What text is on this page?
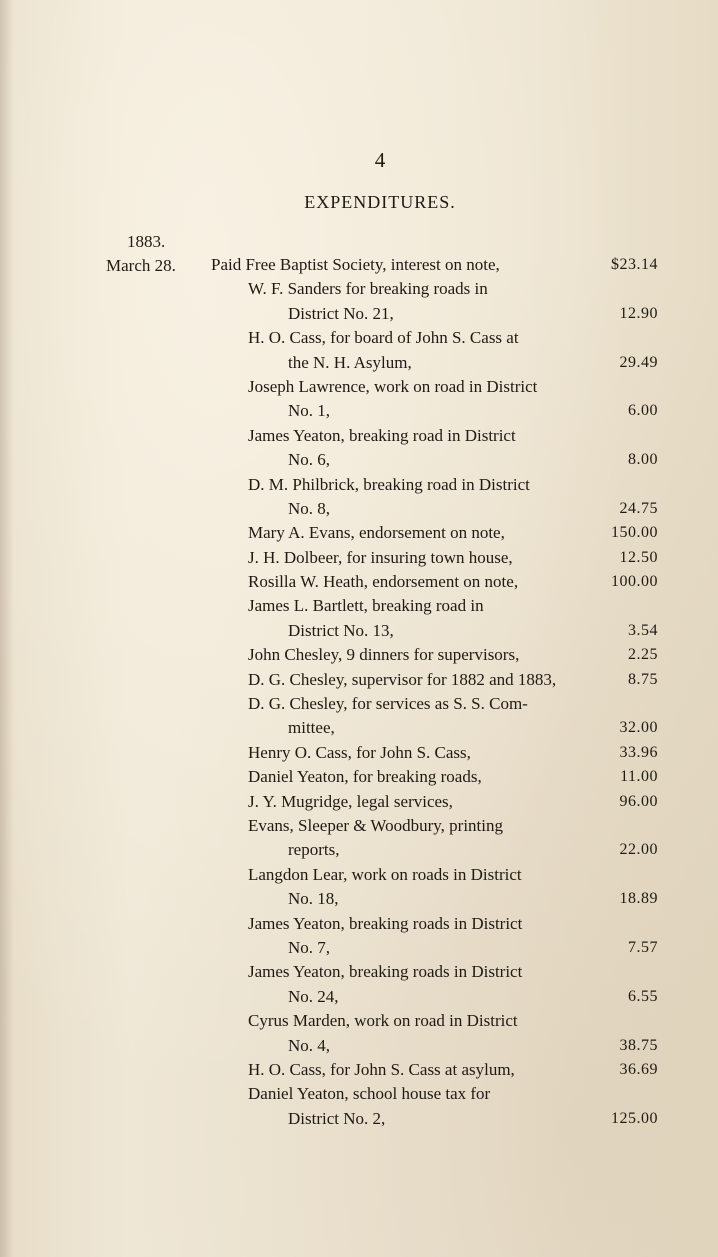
4
EXPENDITURES.
1883.
March 28. Paid Free Baptist Society, interest on note,	$23.14
W. F. Sanders for breaking roads in
District No. 21,	12.90
H. O. Cass, for board of John S. Cass at
the N. H. Asylum,	29.49
Joseph Lawrence, work on road in District
No. 1,	6.00
James Yeaton, breaking road in District
No. 6,	8.00
D. M. Philbrick, breaking road in District
No. 8,	24.75
Mary A. Evans, endorsement on note,	150.00
J. H. Dolbeer, for insuring town house,	12.50
Rosilla W. Heath, endorsement on note,	100.00
James L. Bartlett, breaking road in
District No. 13,	3.54
John Chesley, 9 dinners for supervisors,	2.25
D. G. Chesley, supervisor for 1882 and 1883,	8.75
D. G. Chesley, for services as S. S. Com-
mittee,	32.00
Henry O. Cass, for John S. Cass,	33.96
Daniel Yeaton, for breaking roads,	11.00
J. Y. Mugridge, legal services,	96.00
Evans, Sleeper & Woodbury, printing
reports,	22.00
Langdon Lear, work on roads in District
No. 18,	18.89
James Yeaton, breaking roads in District
No. 7,	7.57
James Yeaton, breaking roads in District
No. 24,	6.55
Cyrus Marden, work on road in District
No. 4,	38.75
H. O. Cass, for John S. Cass at asylum,	36.69
Daniel Yeaton, school house tax for
District No. 2,	125.00
